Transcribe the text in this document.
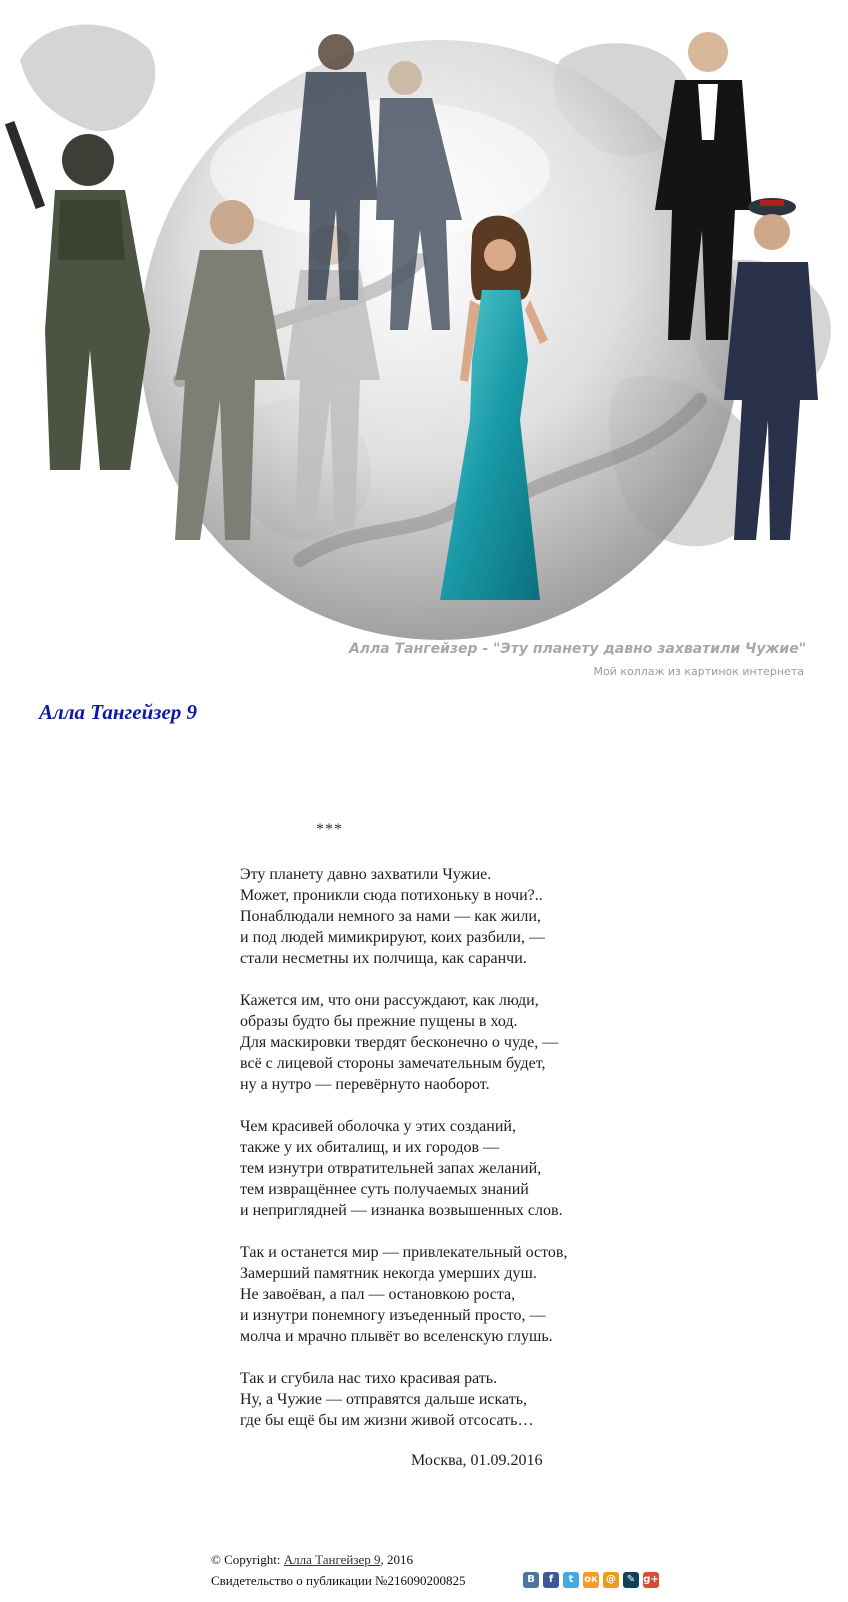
Алла Тангейзер - "Эту планету давно захватили Чужие"
Мой коллаж из картинок интернета
Алла Тангейзер 9
***
Эту планету давно захватили Чужие.
Может, проникли сюда потихоньку в ночи?..
Понаблюдали немного за нами — как жили,
и под людей мимикрируют, коих разбили, —
стали несметны их полчища, как саранчи.
Кажется им, что они рассуждают, как люди,
образы будто бы прежние пущены в ход.
Для маскировки твердят бесконечно о чуде, —
всё с лицевой стороны замечательным будет,
ну а нутро — перевёрнуто наоборот.
Чем красивей оболочка у этих созданий,
также у их обиталищ, и их городов —
тем изнутри отвратительней запах желаний,
тем извращённее суть получаемых знаний
и неприглядней — изнанка возвышенных слов.
Так и останется мир — привлекательный остов,
Замерший памятник некогда умерших душ.
Не завоёван, а пал — остановкою роста,
и изнутри понемногу изъеденный просто, —
молча и мрачно плывёт во вселенскую глушь.
Так и сгубила нас тихо красивая рать.
Ну, а Чужие — отправятся дальше искать,
где бы ещё бы им жизни живой отсосать…
Москва, 01.09.2016
© Copyright: Алла Тангейзер 9, 2016
Свидетельство о публикации №216090200825	В	f	t	ок @	✎ g+
